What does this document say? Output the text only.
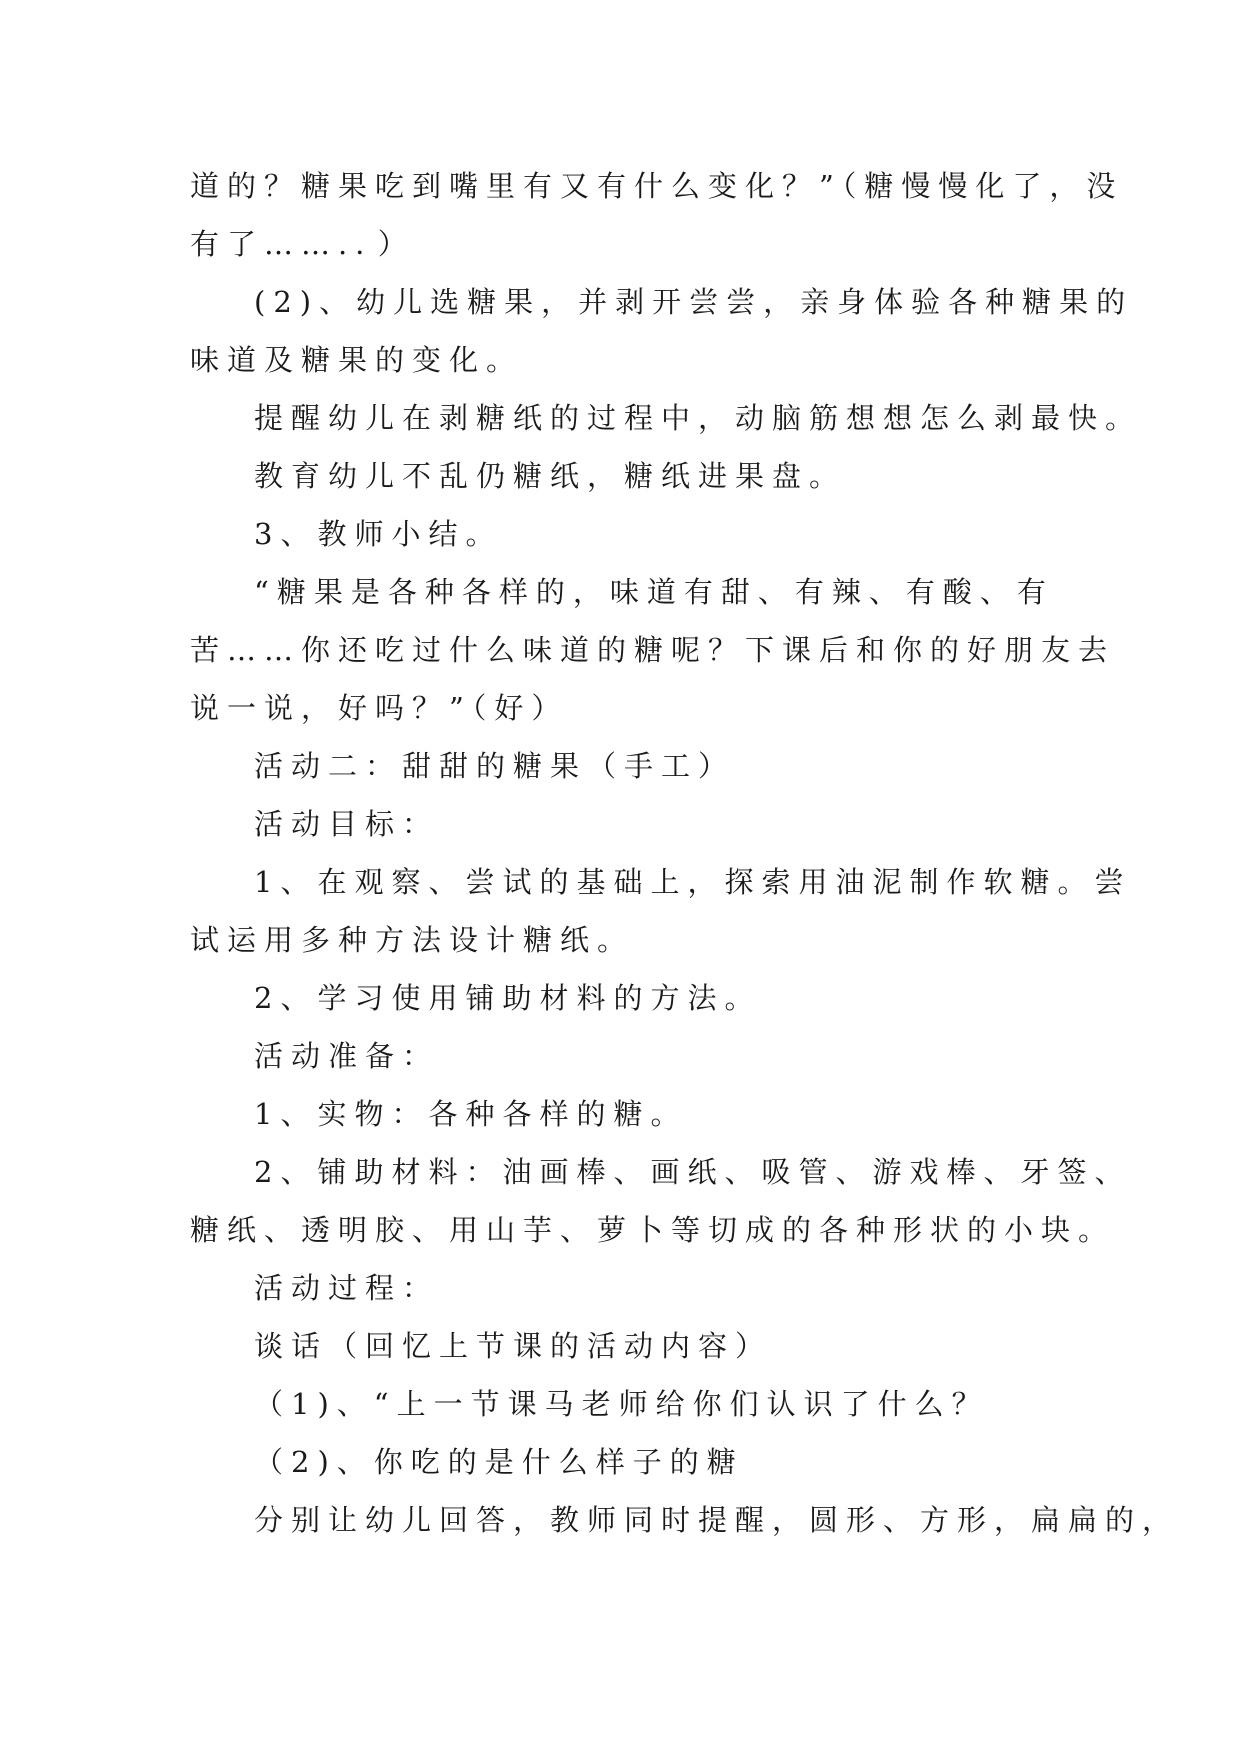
道的？糖果吃到嘴里有又有什么变化？”（糖慢慢化了，没
有了…….．）
(2)、幼儿选糖果，并剥开尝尝，亲身体验各种糖果的
味道及糖果的变化。
提醒幼儿在剥糖纸的过程中，动脑筋想想怎么剥最快。
教育幼儿不乱仍糖纸，糖纸进果盘。
3、教师小结。
“糖果是各种各样的，味道有甜、有辣、有酸、有
苦……你还吃过什么味道的糖呢？下课后和你的好朋友去
说一说，好吗？”（好）
活动二：甜甜的糖果（手工）
活动目标：
1、在观察、尝试的基础上，探索用油泥制作软糖。尝
试运用多种方法设计糖纸。
2、学习使用铺助材料的方法。
活动准备：
1、实物：各种各样的糖。
2、铺助材料：油画棒、画纸、吸管、游戏棒、牙签、
糖纸、透明胶、用山芋、萝卜等切成的各种形状的小块。
活动过程：
谈话（回忆上节课的活动内容）
（1)、“上一节课马老师给你们认识了什么？
（2)、你吃的是什么样子的糖
分别让幼儿回答，教师同时提醒，圆形、方形，扁扁的，
